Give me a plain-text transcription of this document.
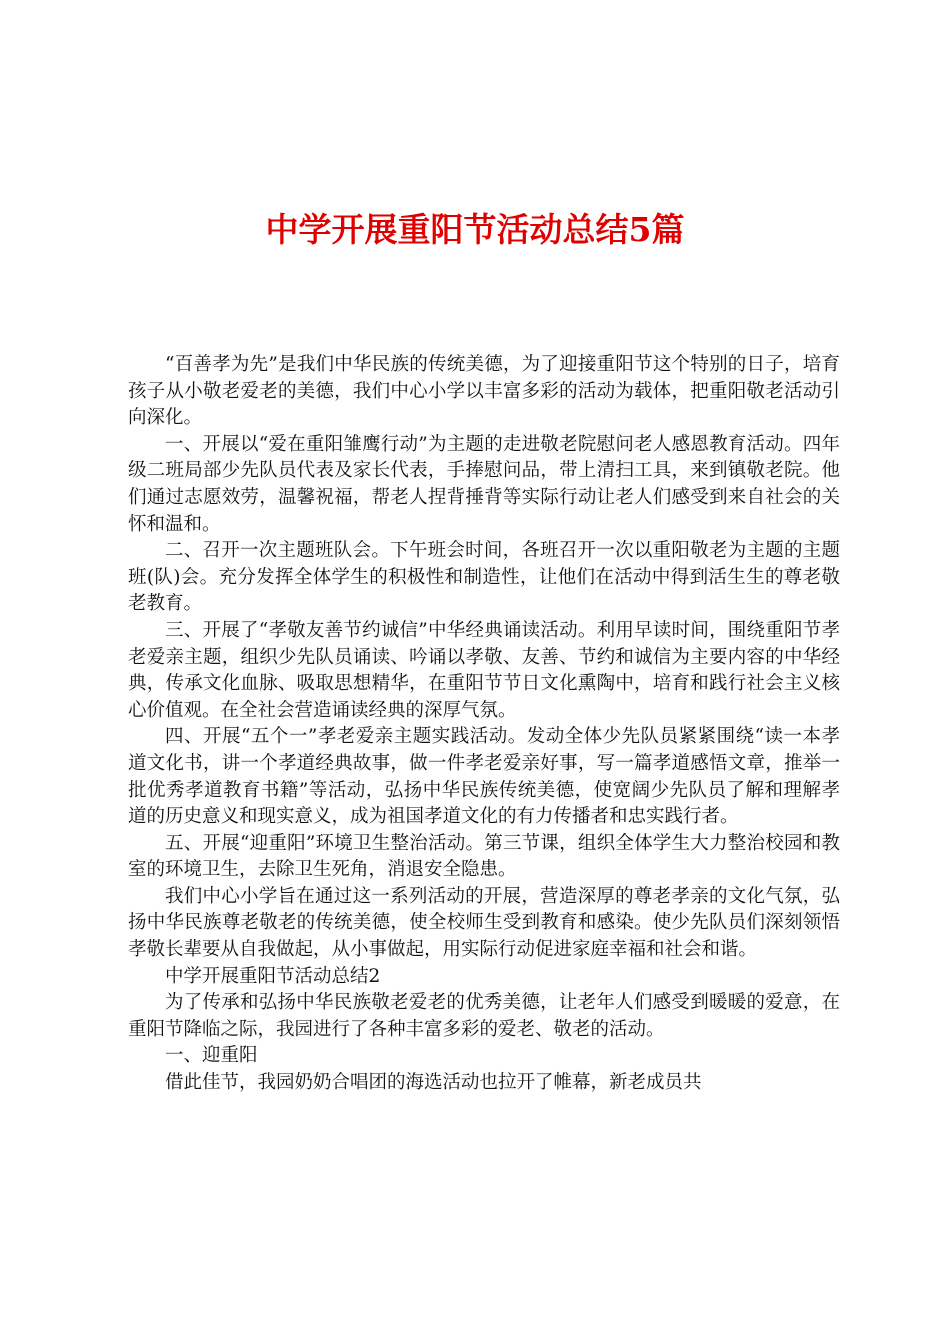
中学开展重阳节活动总结5篇

“百善孝为先”是我们中华民族的传统美德，为了迎接重阳节这个特别的日子，培育孩子从小敬老爱老的美德，我们中心小学以丰富多彩的活动为载体，把重阳敬老活动引向深化。

一、开展以“爱在重阳雏鹰行动”为主题的走进敬老院慰问老人感恩教育活动。四年级二班局部少先队员代表及家长代表，手捧慰问品，带上清扫工具，来到镇敬老院。他们通过志愿效劳，温馨祝福，帮老人捏背捶背等实际行动让老人们感受到来自社会的关怀和温和。

二、召开一次主题班队会。下午班会时间，各班召开一次以重阳敬老为主题的主题班(队)会。充分发挥全体学生的积极性和制造性，让他们在活动中得到活生生的尊老敬老教育。

三、开展了“孝敬友善节约诚信”中华经典诵读活动。利用早读时间，围绕重阳节孝老爱亲主题，组织少先队员诵读、吟诵以孝敬、友善、节约和诚信为主要内容的中华经典，传承文化血脉、吸取思想精华，在重阳节节日文化熏陶中，培育和践行社会主义核心价值观。在全社会营造诵读经典的深厚气氛。

四、开展“五个一”孝老爱亲主题实践活动。发动全体少先队员紧紧围绕“读一本孝道文化书，讲一个孝道经典故事，做一件孝老爱亲好事，写一篇孝道感悟文章，推举一批优秀孝道教育书籍”等活动，弘扬中华民族传统美德，使宽阔少先队员了解和理解孝道的历史意义和现实意义，成为祖国孝道文化的有力传播者和忠实践行者。

五、开展“迎重阳”环境卫生整治活动。第三节课，组织全体学生大力整治校园和教室的环境卫生，去除卫生死角，消退安全隐患。

我们中心小学旨在通过这一系列活动的开展，营造深厚的尊老孝亲的文化气氛，弘扬中华民族尊老敬老的传统美德，使全校师生受到教育和感染。使少先队员们深刻领悟孝敬长辈要从自我做起，从小事做起，用实际行动促进家庭幸福和社会和谐。

中学开展重阳节活动总结2

为了传承和弘扬中华民族敬老爱老的优秀美德，让老年人们感受到暖暖的爱意，在重阳节降临之际，我园进行了各种丰富多彩的爱老、敬老的活动。

一、迎重阳

借此佳节，我园奶奶合唱团的海选活动也拉开了帷幕，新老成员共
